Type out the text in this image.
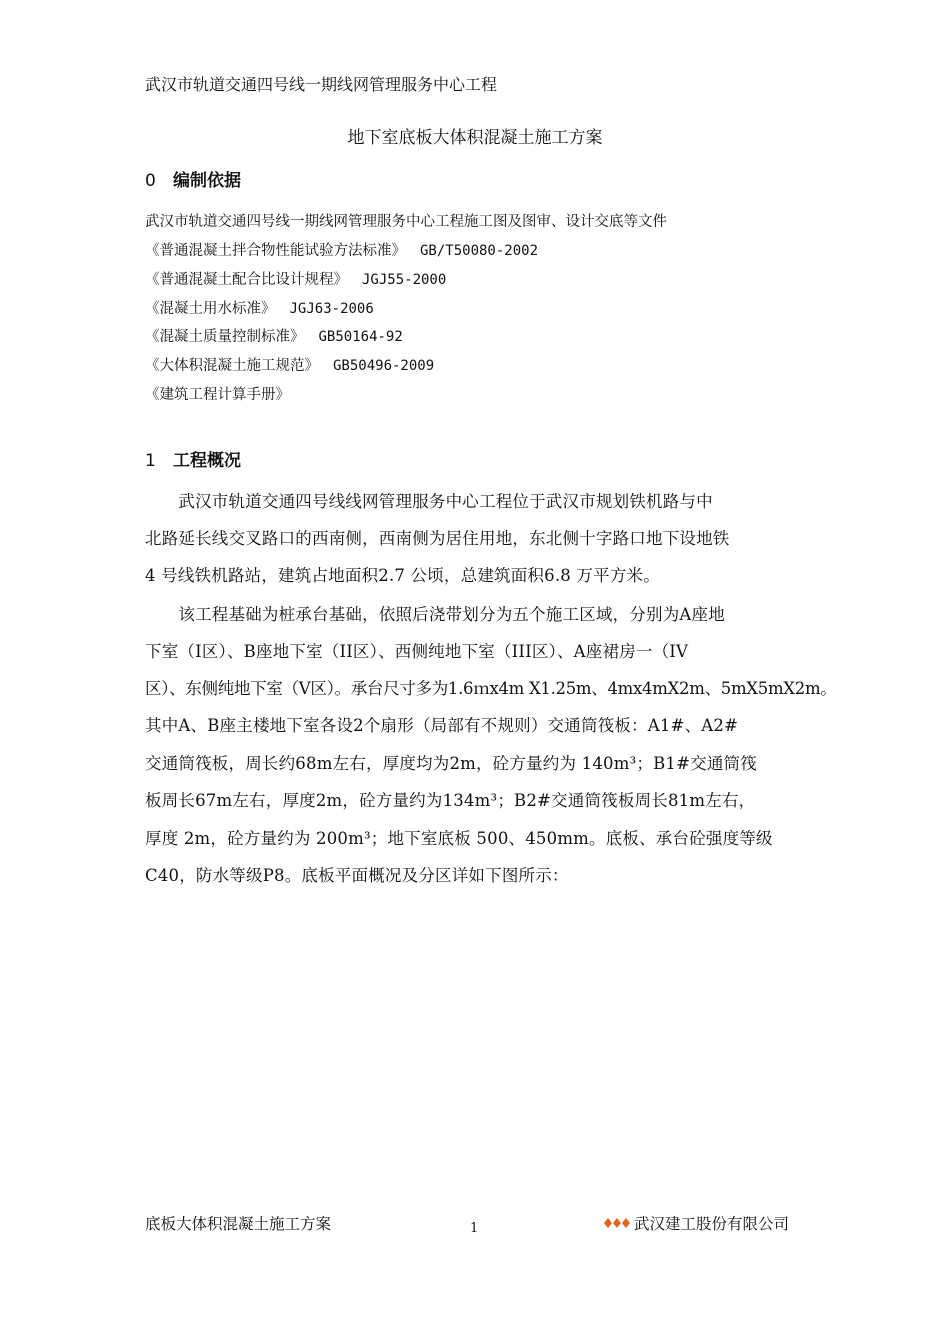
武汉市轨道交通四号线一期线网管理服务中心工程
地下室底板大体积混凝土施工方案
0 编制依据
武汉市轨道交通四号线一期线网管理服务中心工程施工图及图审、设计交底等文件
《普通混凝土拌合物性能试验方法标准》 GB/T50080-2002
《普通混凝土配合比设计规程》 JGJ55-2000
《混凝土用水标准》 JGJ63-2006
《混凝土质量控制标准》 GB50164-92
《大体积混凝土施工规范》 GB50496-2009
《建筑工程计算手册》
1 工程概况
　　武汉市轨道交通四号线线网管理服务中心工程位于武汉市规划铁机路与中
北路延长线交叉路口的西南侧，西南侧为居住用地，东北侧十字路口地下设地铁
4 号线铁机路站，建筑占地面积2.7 公顷，总建筑面积6.8 万平方米。
　　该工程基础为桩承台基础，依照后浇带划分为五个施工区域，分别为A座地
下室（I区）、B座地下室（II区）、西侧纯地下室（III区）、A座裙房一（IV
区）、东侧纯地下室（V区）。承台尺寸多为1.6ｍx4m X1.25m、4mx4mX2m、5mX5mX2m。
其中A、B座主楼地下室各设2个扇形（局部有不规则）交通筒筏板：A1#、A2#
交通筒筏板，周长约68m左右，厚度均为2m，砼方量约为 140m³；B1#交通筒筏
板周长67m左右，厚度2m，砼方量约为134m³；B2#交通筒筏板周长81m左右，
厚度 2m，砼方量约为 200m³；地下室底板 500、450mm。底板、承台砼强度等级
C40，防水等级P8。底板平面概况及分区详如下图所示：
底板大体积混凝土施工方案	1	武汉建工股份有限公司
